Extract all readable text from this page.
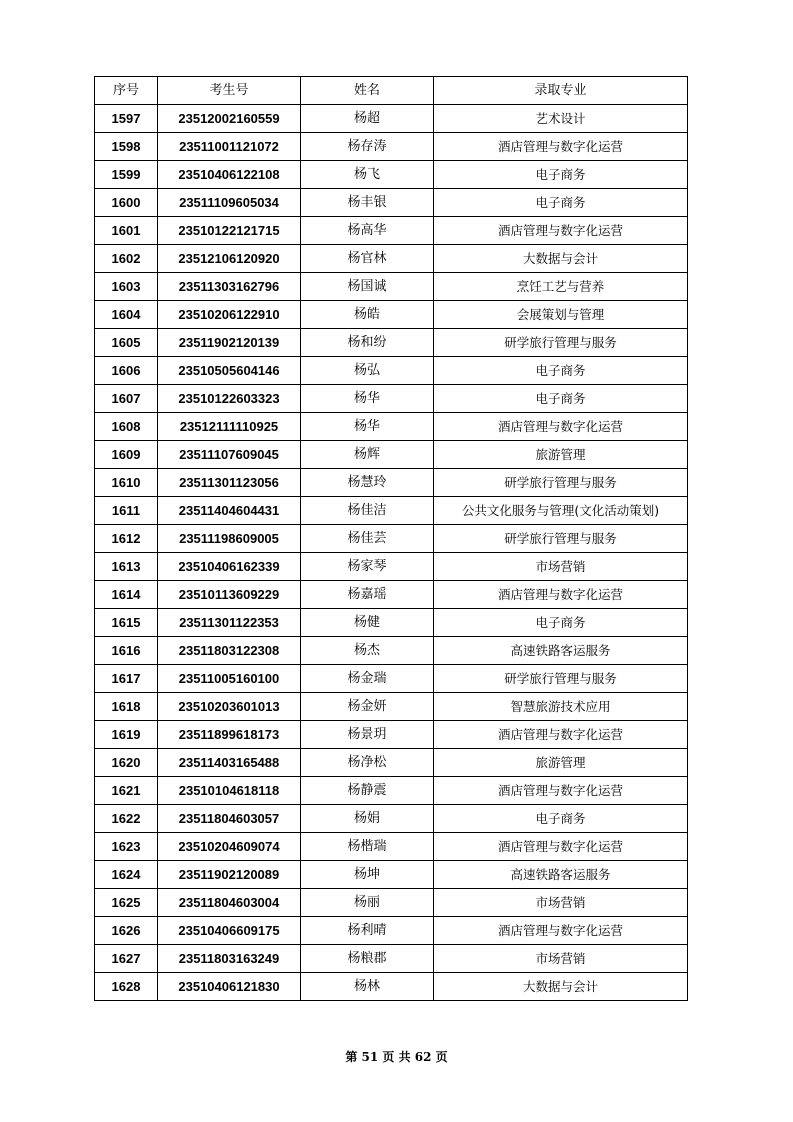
序号	考生号	姓名	录取专业
1597	23512002160559	杨超	艺术设计
1598	23511001121072	杨存涛	酒店管理与数字化运营
1599	23510406122108	杨飞	电子商务
1600	23511109605034	杨丰银	电子商务
1601	23510122121715	杨高华	酒店管理与数字化运营
1602	23512106120920	杨官林	大数据与会计
1603	23511303162796	杨国诚	烹饪工艺与营养
1604	23510206122910	杨皓	会展策划与管理
1605	23511902120139	杨和纷	研学旅行管理与服务
1606	23510505604146	杨弘	电子商务
1607	23510122603323	杨华	电子商务
1608	23512111110925	杨华	酒店管理与数字化运营
1609	23511107609045	杨辉	旅游管理
1610	23511301123056	杨慧玲	研学旅行管理与服务
1611	23511404604431	杨佳洁	公共文化服务与管理(文化活动策划)
1612	23511198609005	杨佳芸	研学旅行管理与服务
1613	23510406162339	杨家琴	市场营销
1614	23510113609229	杨嘉瑶	酒店管理与数字化运营
1615	23511301122353	杨健	电子商务
1616	23511803122308	杨杰	高速铁路客运服务
1617	23511005160100	杨金瑞	研学旅行管理与服务
1618	23510203601013	杨金妍	智慧旅游技术应用
1619	23511899618173	杨景玥	酒店管理与数字化运营
1620	23511403165488	杨净松	旅游管理
1621	23510104618118	杨静震	酒店管理与数字化运营
1622	23511804603057	杨娟	电子商务
1623	23510204609074	杨楷瑞	酒店管理与数字化运营
1624	23511902120089	杨坤	高速铁路客运服务
1625	23511804603004	杨丽	市场营销
1626	23510406609175	杨利晴	酒店管理与数字化运营
1627	23511803163249	杨粮郡	市场营销
1628	23510406121830	杨林	大数据与会计
第 51 页 共 62 页
